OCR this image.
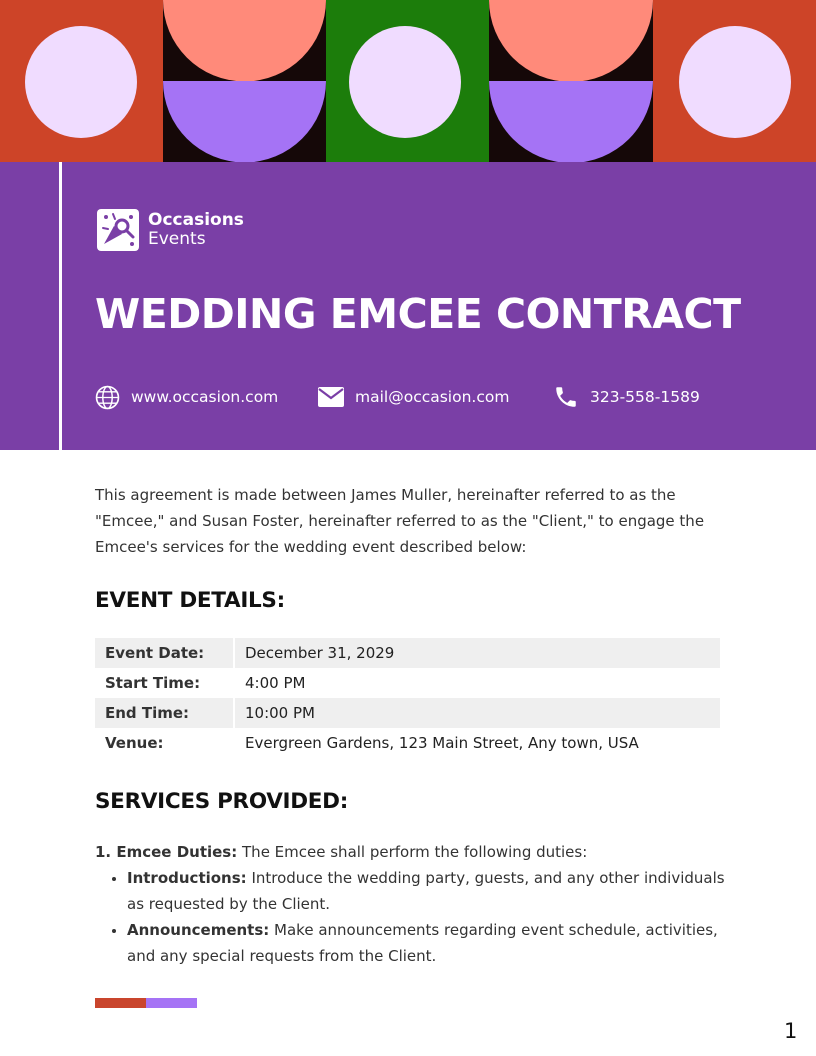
Occasions
Events
WEDDING EMCEE CONTRACT
www.occasion.com	mail@occasion.com	323-558-1589

This agreement is made between James Muller, hereinafter referred to as the "Emcee," and Susan Foster, hereinafter referred to as the "Client," to engage the Emcee's services for the wedding event described below:

EVENT DETAILS:
Event Date:	December 31, 2029
Start Time:	4:00 PM
End Time:	10:00 PM
Venue:	Evergreen Gardens, 123 Main Street, Any town, USA
SERVICES PROVIDED:

1. Emcee Duties: The Emcee shall perform the following duties:

• Introductions: Introduce the wedding party, guests, and any other individuals as requested by the Client.
• Announcements: Make announcements regarding event schedule, activities, and any special requests from the Client.
1
